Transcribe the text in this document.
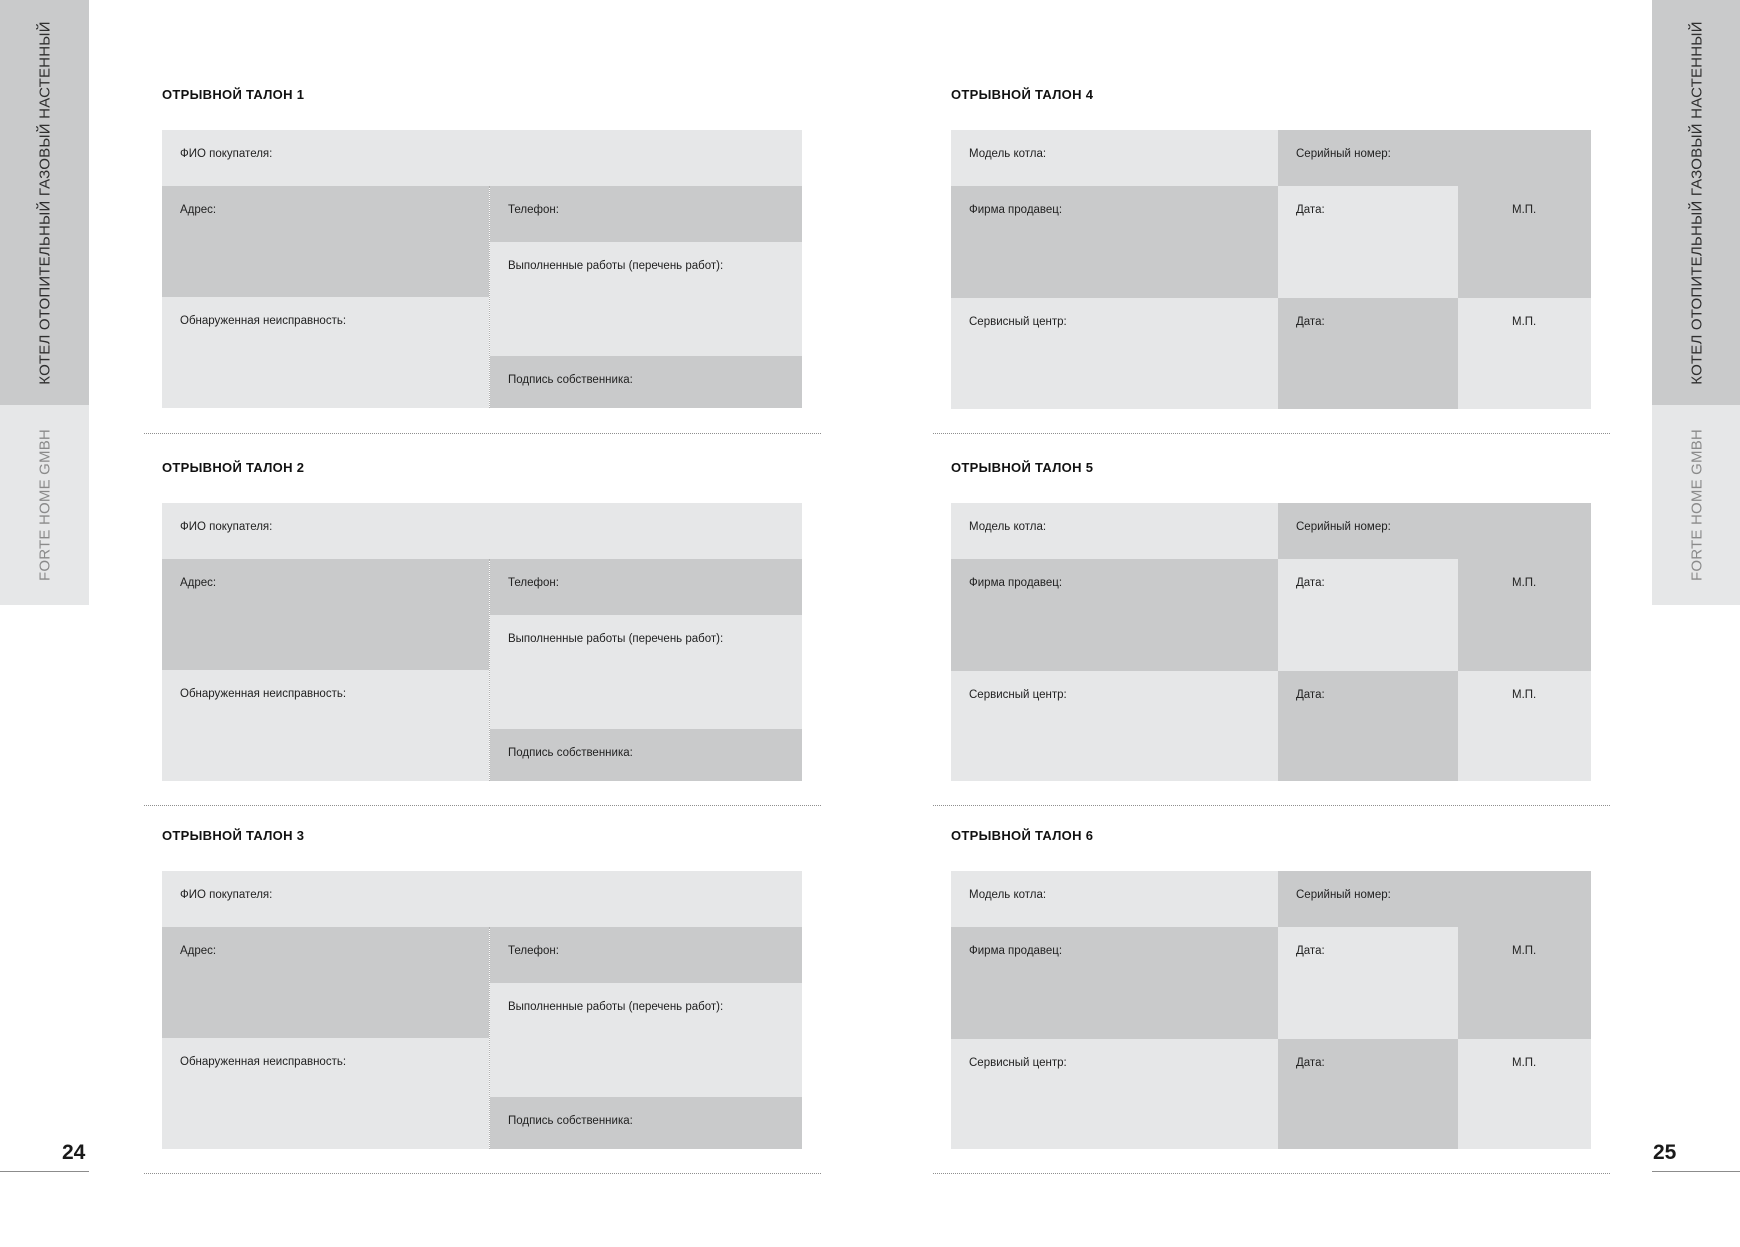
КОТЕЛ ОТОПИТЕЛЬНЫЙ ГАЗОВЫЙ НАСТЕННЫЙ
FORTE HOME GMBH
КОТЕЛ ОТОПИТЕЛЬНЫЙ ГАЗОВЫЙ НАСТЕННЫЙ
FORTE HOME GMBH
24	25
ОТРЫВНОЙ ТАЛОН 1
ФИО покупателя:
Адрес:	Телефон:
Выполненные работы (перечень работ):
Обнаруженная неисправность:
Подпись собственника:
ОТРЫВНОЙ ТАЛОН 2
ФИО покупателя:
Адрес:	Телефон:
Выполненные работы (перечень работ):
Обнаруженная неисправность:
Подпись собственника:
ОТРЫВНОЙ ТАЛОН 3
ФИО покупателя:
Адрес:	Телефон:
Выполненные работы (перечень работ):
Обнаруженная неисправность:
Подпись собственника:
ОТРЫВНОЙ ТАЛОН 4
Модель котла:	Серийный номер:
Фирма продавец:	Дата:	М.П.
Сервисный центр:	Дата:	М.П.
ОТРЫВНОЙ ТАЛОН 5
Модель котла:	Серийный номер:
Фирма продавец:	Дата:	М.П.
Сервисный центр:	Дата:	М.П.
ОТРЫВНОЙ ТАЛОН 6
Модель котла:	Серийный номер:
Фирма продавец:	Дата:	М.П.
Сервисный центр:	Дата:	М.П.
